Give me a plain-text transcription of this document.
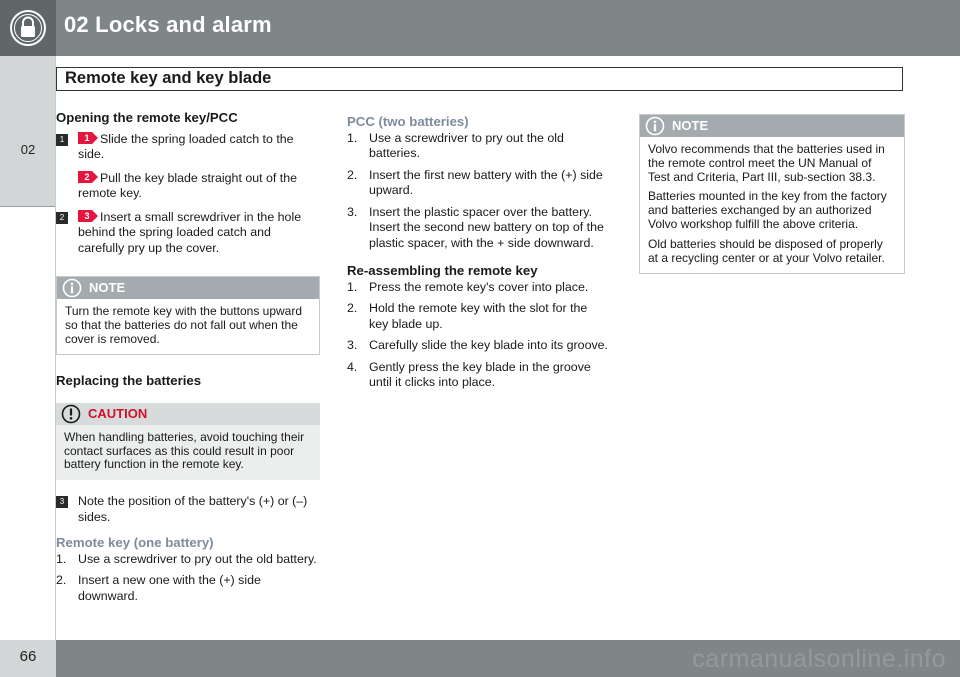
02 Locks and alarm
02
Remote key and key blade
Opening the remote key/PCC
1	1 Slide the spring loaded catch to the side.
2 Pull the key blade straight out of the remote key.
2	3 Insert a small screwdriver in the hole behind the spring loaded catch and carefully pry up the cover.
NOTE
Turn the remote key with the buttons upward so that the batteries do not fall out when the cover is removed.
Replacing the batteries
CAUTION
When handling batteries, avoid touching their contact surfaces as this could result in poor battery function in the remote key.
3	Note the position of the battery's (+) or (–) sides.
Remote key (one battery)
1. Use a screwdriver to pry out the old battery.
2. Insert a new one with the (+) side downward.
PCC (two batteries)
1. Use a screwdriver to pry out the old batteries.
2. Insert the first new battery with the (+) side upward.
3. Insert the plastic spacer over the battery. Insert the second new battery on top of the plastic spacer, with the + side downward.
Re-assembling the remote key
1. Press the remote key's cover into place.
2. Hold the remote key with the slot for the key blade up.
3. Carefully slide the key blade into its groove.
4. Gently press the key blade in the groove until it clicks into place.
NOTE

Volvo recommends that the batteries used in the remote control meet the UN Manual of Test and Criteria, Part III, sub-section 38.3.

Batteries mounted in the key from the factory and batteries exchanged by an authorized Volvo workshop fulfill the above criteria.

Old batteries should be disposed of properly at a recycling center or at your Volvo retailer.

66	carmanualsonline.info
